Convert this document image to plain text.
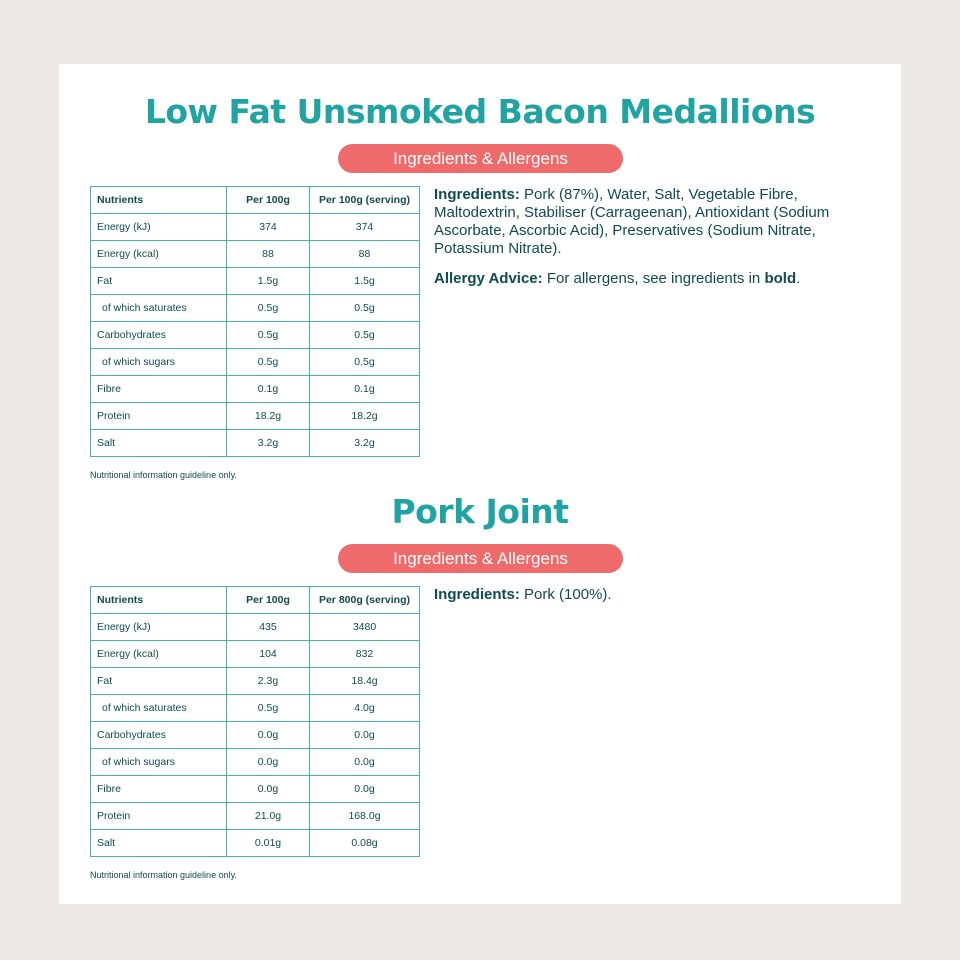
Low Fat Unsmoked Bacon Medallions
Ingredients & Allergens
Nutrients	Per 100g	Per 100g (serving)
Energy (kJ)	374	374
Energy (kcal)	88	88
Fat	1.5g	1.5g
of which saturates	0.5g	0.5g
Carbohydrates	0.5g	0.5g
of which sugars	0.5g	0.5g
Fibre	0.1g	0.1g
Protein	18.2g	18.2g
Salt	3.2g	3.2g
Nutritional information guideline only.

Ingredients: Pork (87%), Water, Salt, Vegetable Fibre, Maltodextrin, Stabiliser (Carrageenan), Antioxidant (Sodium Ascorbate, Ascorbic Acid), Preservatives (Sodium Nitrate, Potassium Nitrate).

Allergy Advice: For allergens, see ingredients in bold.

Pork Joint
Ingredients & Allergens
Nutrients	Per 100g	Per 800g (serving)
Energy (kJ)	435	3480
Energy (kcal)	104	832
Fat	2.3g	18.4g
of which saturates	0.5g	4.0g
Carbohydrates	0.0g	0.0g
of which sugars	0.0g	0.0g
Fibre	0.0g	0.0g
Protein	21.0g	168.0g
Salt	0.01g	0.08g
Nutritional information guideline only.

Ingredients: Pork (100%).
